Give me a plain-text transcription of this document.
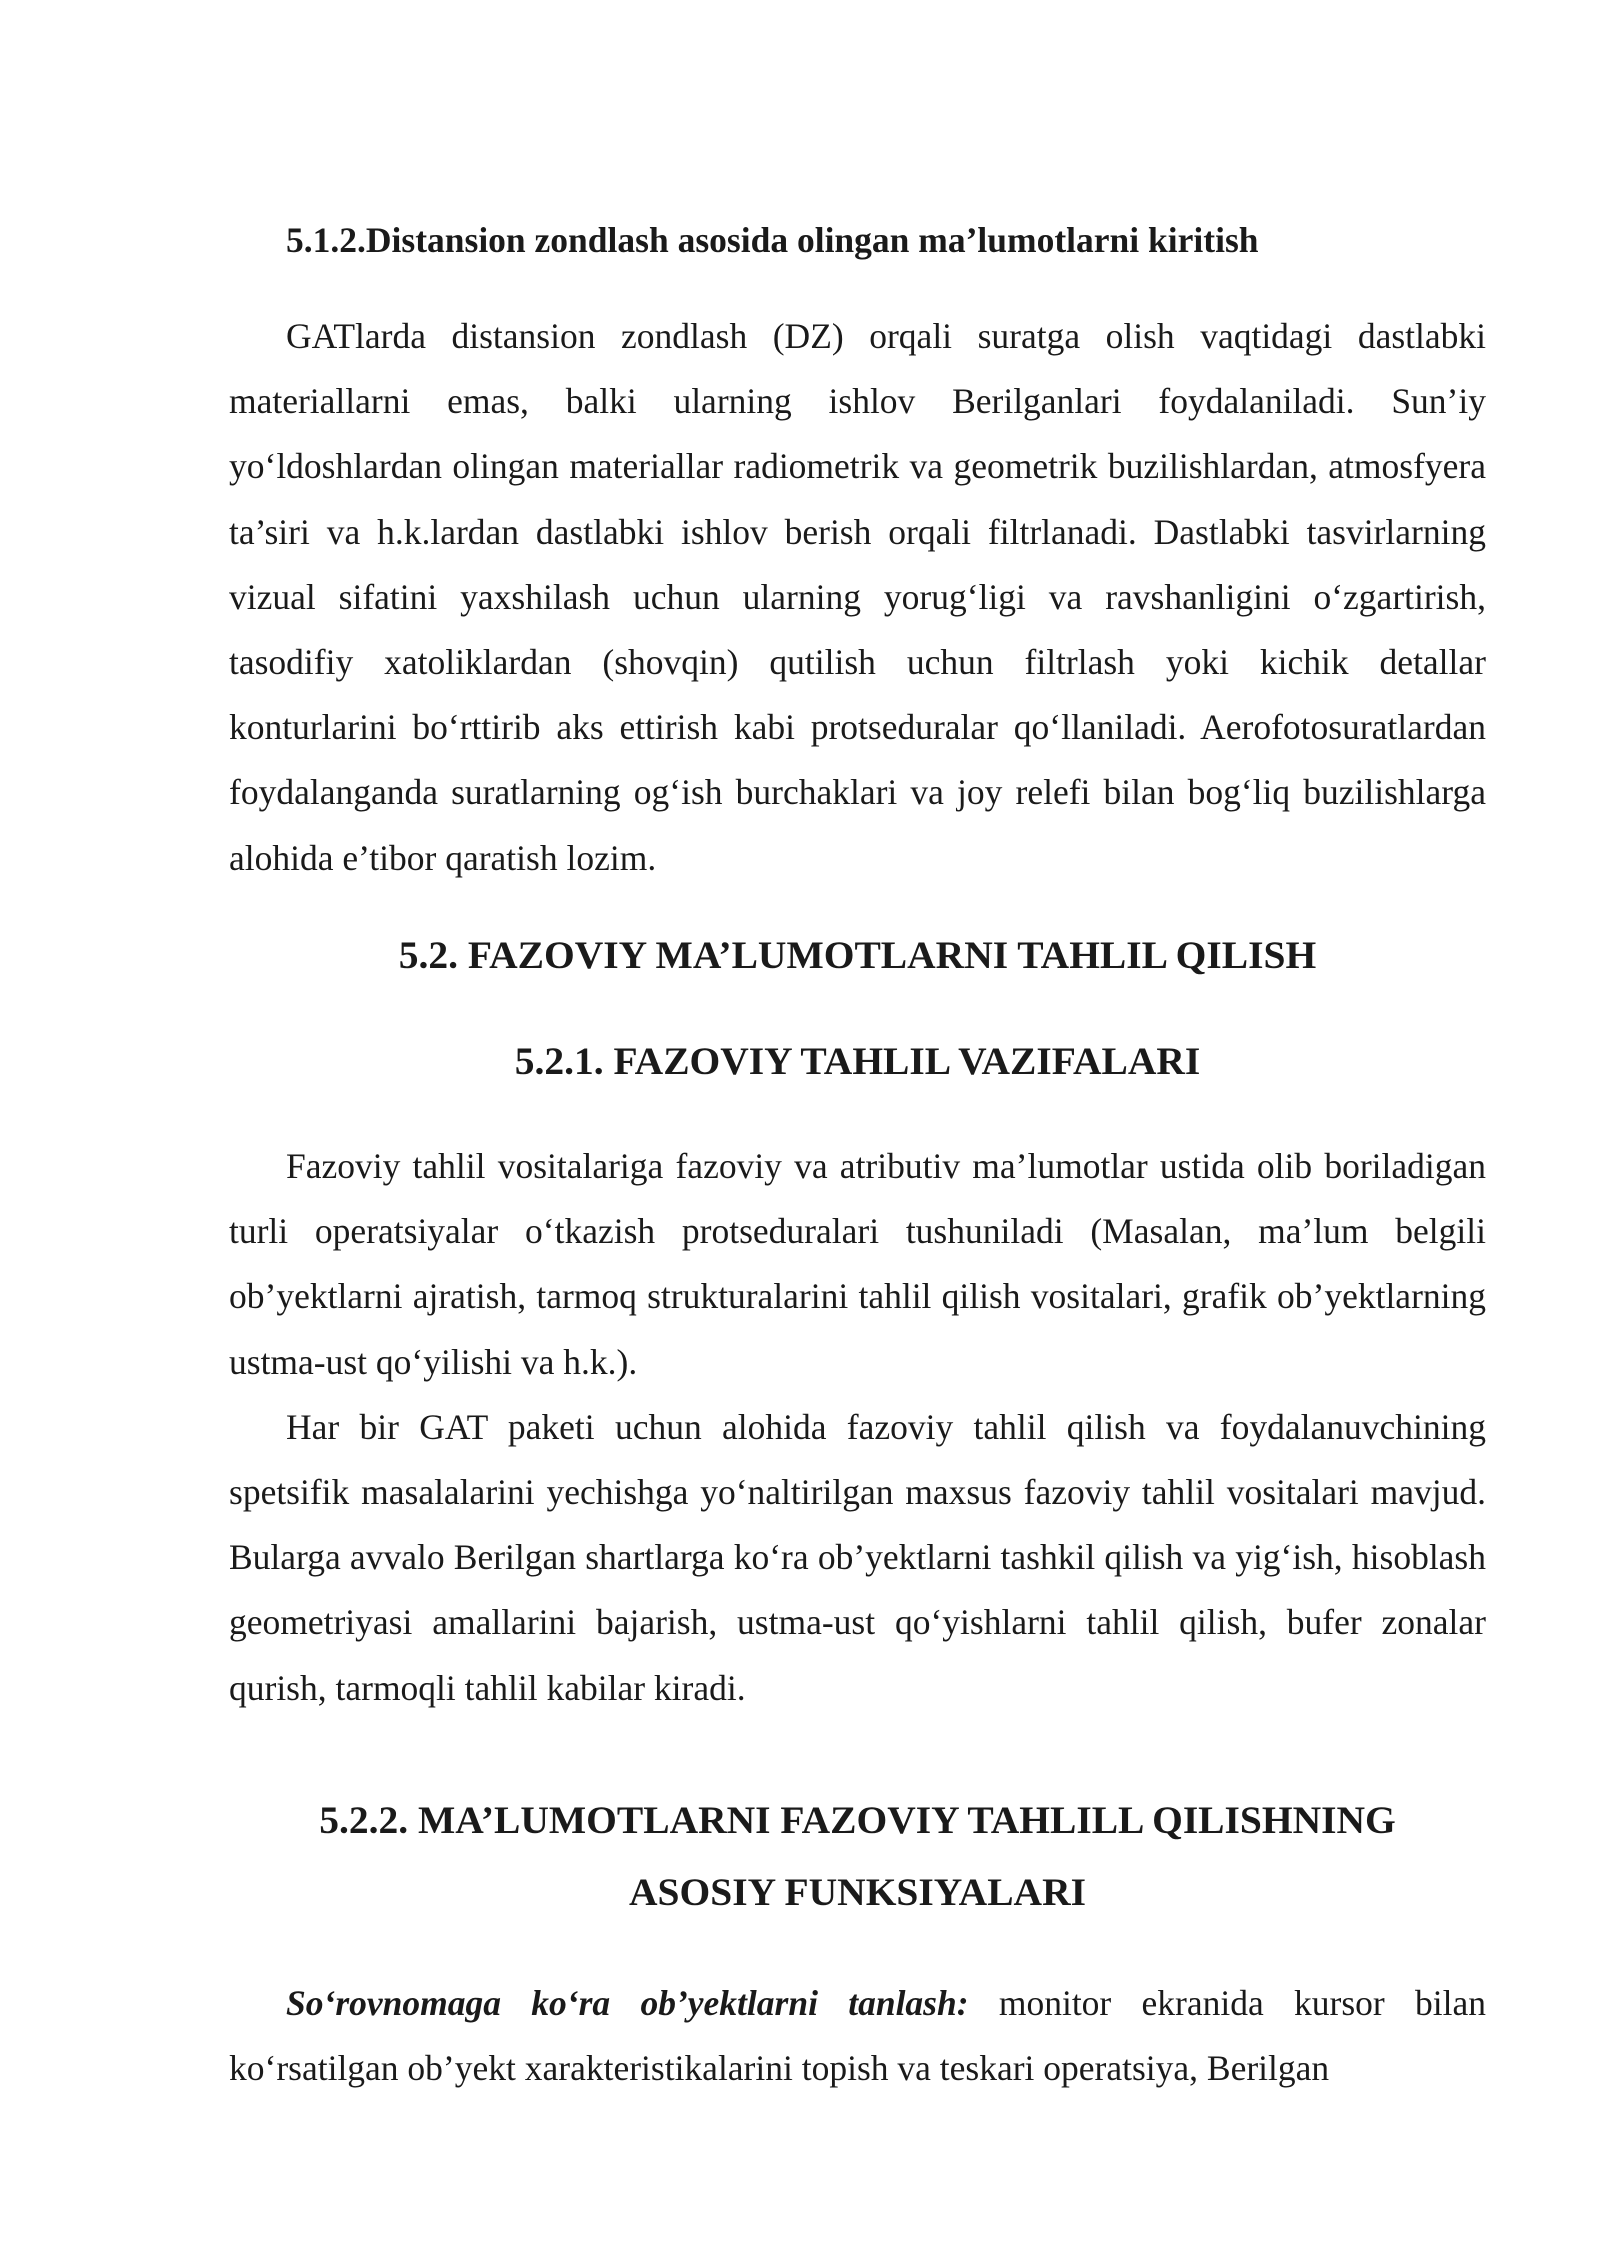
5.1.2.Distansion zondlash asosida olingan ma’lumotlarni kiritish

GATlarda distansion zondlash (DZ) orqali suratga olish vaqtidagi dastlabki materiallarni emas, balki ularning ishlov Berilganlari foydalaniladi. Sun’iy yo‘ldoshlardan olingan materiallar radiometrik va geometrik buzilishlardan, atmosfyera ta’siri va h.k.lardan dastlabki ishlov berish orqali filtrlanadi. Dastlabki tasvirlarning vizual sifatini yaxshilash uchun ularning yorug‘ligi va ravshanligini o‘zgartirish, tasodifiy xatoliklardan (shovqin) qutilish uchun filtrlash yoki kichik detallar konturlarini bo‘rttirib aks ettirish kabi protseduralar qo‘llaniladi. Aerofotosuratlardan foydalanganda suratlarning og‘ish burchaklari va joy relefi bilan bog‘liq buzilishlarga alohida e’tibor qaratish lozim.

5.2. FAZOVIY MA’LUMOTLARNI TAHLIL QILISH
5.2.1. FAZOVIY TAHLIL VAZIFALARI

Fazoviy tahlil vositalariga fazoviy va atributiv ma’lumotlar ustida olib boriladigan turli operatsiyalar o‘tkazish protseduralari tushuniladi (Masalan, ma’lum belgili ob’yektlarni ajratish, tarmoq strukturalarini tahlil qilish vositalari, grafik ob’yektlarning ustma-ust qo‘yilishi va h.k.).

Har bir GAT paketi uchun alohida fazoviy tahlil qilish va foydalanuvchining spetsifik masalalarini yechishga yo‘naltirilgan maxsus fazoviy tahlil vositalari mavjud. Bularga avvalo Berilgan shartlarga ko‘ra ob’yektlarni tashkil qilish va yig‘ish, hisoblash geometriyasi amallarini bajarish, ustma-ust qo‘yishlarni tahlil qilish, bufer zonalar qurish, tarmoqli tahlil kabilar kiradi.

5.2.2. MA’LUMOTLARNI FAZOVIY TAHLILL QILISHNING
ASOSIY FUNKSIYALARI

So‘rovnomaga ko‘ra ob’yektlarni tanlash: monitor ekranida kursor bilan ko‘rsatilgan ob’yekt xarakteristikalarini topish va teskari operatsiya, Berilgan
